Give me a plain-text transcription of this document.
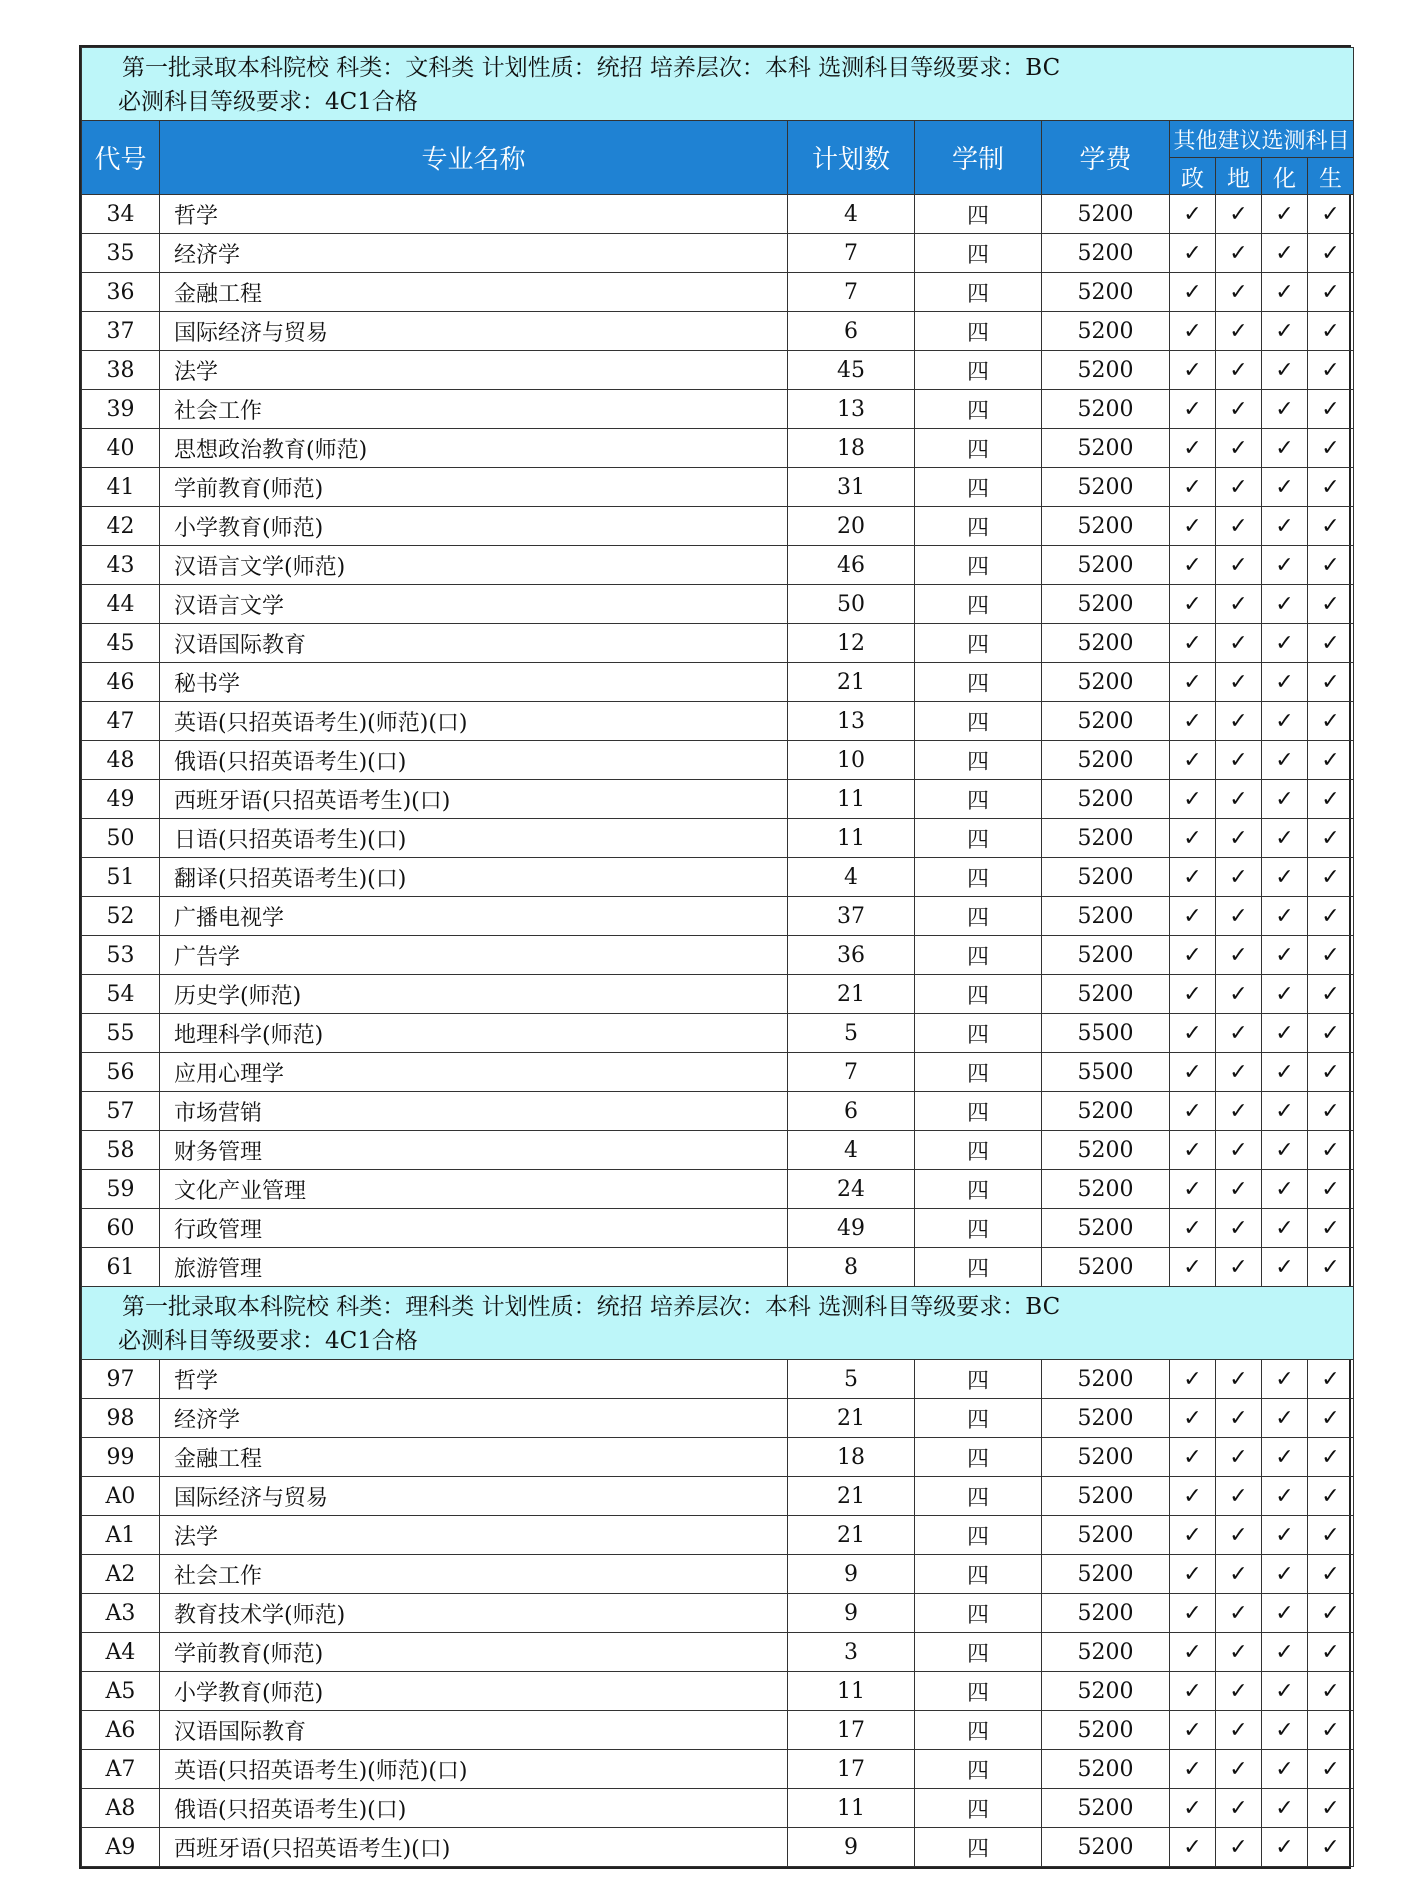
第一批录取本科院校 科类：文科类 计划性质：统招 培养层次：本科 选测科目等级要求：BC
必测科目等级要求：4C1合格								

代号	专业名称	计划数	学制	学费	其他建议选测科目			
					政	地	化	生
34	哲学	4	四	5200	✓	✓	✓	✓
35	经济学	7	四	5200	✓	✓	✓	✓
36	金融工程	7	四	5200	✓	✓	✓	✓
37	国际经济与贸易	6	四	5200	✓	✓	✓	✓
38	法学	45	四	5200	✓	✓	✓	✓
39	社会工作	13	四	5200	✓	✓	✓	✓
40	思想政治教育(师范)	18	四	5200	✓	✓	✓	✓
41	学前教育(师范)	31	四	5200	✓	✓	✓	✓
42	小学教育(师范)	20	四	5200	✓	✓	✓	✓
43	汉语言文学(师范)	46	四	5200	✓	✓	✓	✓
44	汉语言文学	50	四	5200	✓	✓	✓	✓
45	汉语国际教育	12	四	5200	✓	✓	✓	✓
46	秘书学	21	四	5200	✓	✓	✓	✓
47	英语(只招英语考生)(师范)(口)	13	四	5200	✓	✓	✓	✓
48	俄语(只招英语考生)(口)	10	四	5200	✓	✓	✓	✓
49	西班牙语(只招英语考生)(口)	11	四	5200	✓	✓	✓	✓
50	日语(只招英语考生)(口)	11	四	5200	✓	✓	✓	✓
51	翻译(只招英语考生)(口)	4	四	5200	✓	✓	✓	✓
52	广播电视学	37	四	5200	✓	✓	✓	✓
53	广告学	36	四	5200	✓	✓	✓	✓
54	历史学(师范)	21	四	5200	✓	✓	✓	✓
55	地理科学(师范)	5	四	5500	✓	✓	✓	✓
56	应用心理学	7	四	5500	✓	✓	✓	✓
57	市场营销	6	四	5200	✓	✓	✓	✓
58	财务管理	4	四	5200	✓	✓	✓	✓
59	文化产业管理	24	四	5200	✓	✓	✓	✓
60	行政管理	49	四	5200	✓	✓	✓	✓
61	旅游管理	8	四	5200	✓	✓	✓	✓

第一批录取本科院校 科类：理科类 计划性质：统招 培养层次：本科 选测科目等级要求：BC
必测科目等级要求：4C1合格								

97	哲学	5	四	5200	✓	✓	✓	✓
98	经济学	21	四	5200	✓	✓	✓	✓
99	金融工程	18	四	5200	✓	✓	✓	✓
A0	国际经济与贸易	21	四	5200	✓	✓	✓	✓
A1	法学	21	四	5200	✓	✓	✓	✓
A2	社会工作	9	四	5200	✓	✓	✓	✓
A3	教育技术学(师范)	9	四	5200	✓	✓	✓	✓
A4	学前教育(师范)	3	四	5200	✓	✓	✓	✓
A5	小学教育(师范)	11	四	5200	✓	✓	✓	✓
A6	汉语国际教育	17	四	5200	✓	✓	✓	✓
A7	英语(只招英语考生)(师范)(口)	17	四	5200	✓	✓	✓	✓
A8	俄语(只招英语考生)(口)	11	四	5200	✓	✓	✓	✓
A9	西班牙语(只招英语考生)(口)	9	四	5200	✓	✓	✓	✓
